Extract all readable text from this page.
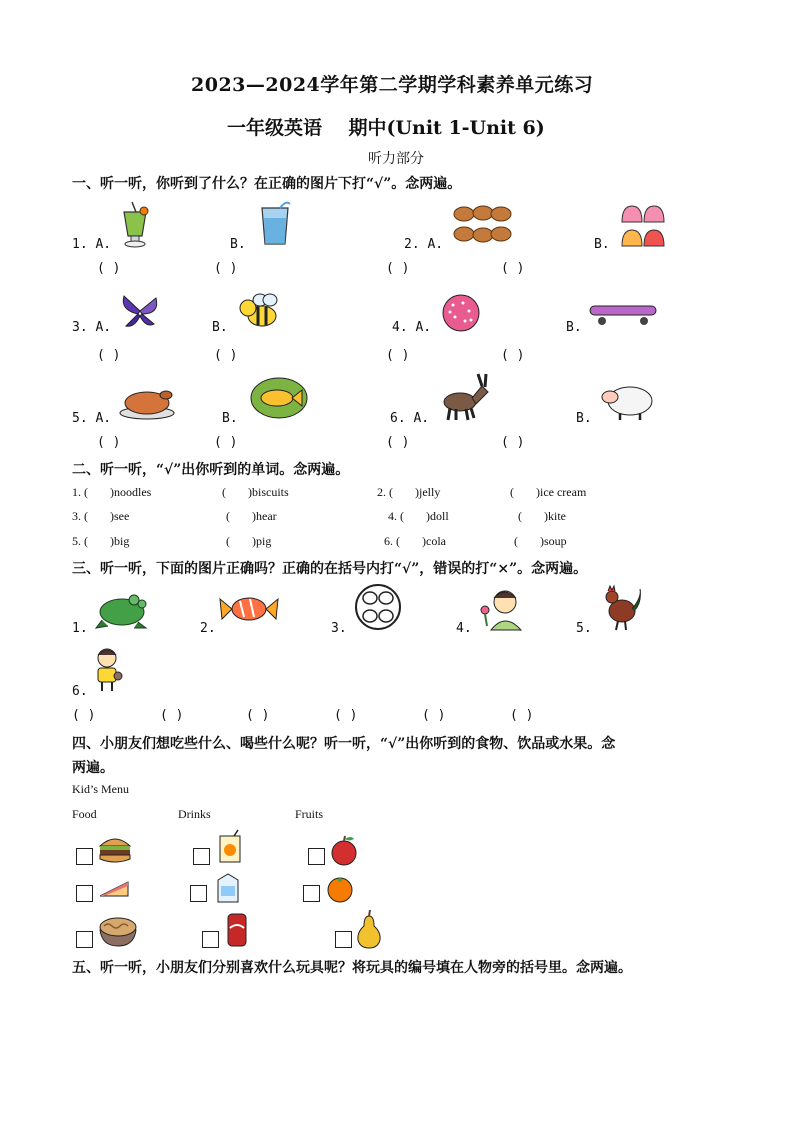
2023—2024学年第二学期学科素养单元练习
一年级英语    期中(Unit 1-Unit 6)
听力部分
一、听一听，你听到了什么？在正确的图片下打“√”。念两遍。
1. A.	B.	2. A.	B.
( )	( )	( )	( )
3. A.	B.	4. A.	B.
( )	( )	( )	( )
5. A.	B.	6. A.	B.
( )	( )	( )	( )
二、听一听，“√”出你听到的单词。念两遍。
1. ( )noodles	( )biscuits	2. ( )jelly	( )ice cream
3. ( )see	( )hear	4. ( )doll	( )kite
5. ( )big	( )pig	6. ( )cola	( )soup
三、听一听，下面的图片正确吗？正确的在括号内打“√”，错误的打“×”。念两遍。
1.	2.	3.	4.	5.
6.
( )	( )	( )	( )	( )	( )
四、小朋友们想吃些什么、喝些什么呢？听一听，“√”出你听到的食物、饮品或水果。念
两遍。
Kid’s Menu
Food	Drinks	Fruits
五、听一听，小朋友们分别喜欢什么玩具呢？将玩具的编号填在人物旁的括号里。念两遍。
